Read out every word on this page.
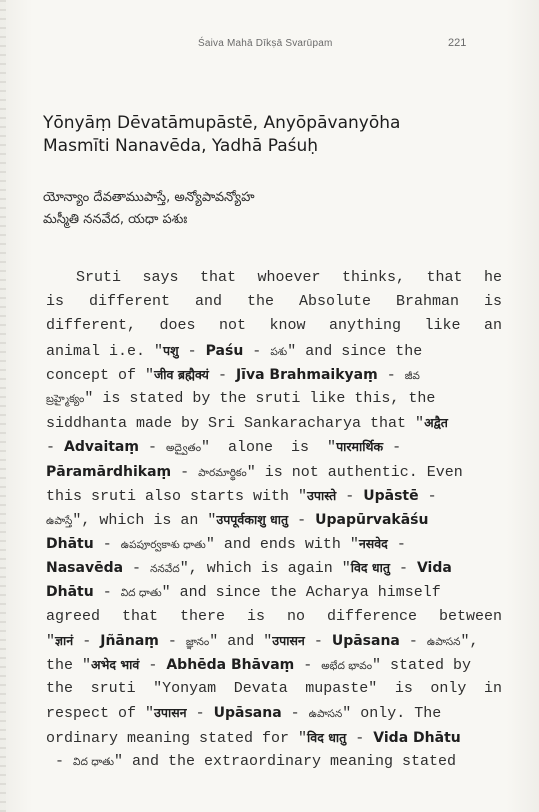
Śaiva Mahā Dīkṣā Svarūpam	221
Yōnyāṃ Dēvatāmupāstē, Anyōpāvanyōha
Masmīti Nanavēda, Yadhā Paśuḥ
యోన్యాం దేవతాముపాస్తే, అన్యోపావన్యోహ
మస్మీతి ననవేద, యధా పశుః
Sruti says that whoever thinks, that he
is different and the Absolute Brahman is
different, does not know anything like an
animal i.e. "पशु - Paśu - పశు" and since the
concept of "जीव ब्रह्मैक्यं - Jīva Brahmaikyaṃ - జీవ
బ్రహ్మైక్యం" is stated by the sruti like this, the
siddhanta made by Sri Sankaracharya that "अद्वैत
- Advaitaṃ - అద్వైతం"  alone  is  "पारमार्थिक -
Pāramārdhikaṃ - పారమార్థికం" is not authentic. Even
this sruti also starts with "उपास्ते - Upāstē -
ఉపాస్తే", which is an "उपपूर्वकाशु धातु - Upapūrvakāśu
Dhātu - ఉపపూర్వకాశు ధాతు" and ends with "नसवेद -
Nasavēda - ననవేద", which is again "विद धातु - Vida
Dhātu - విద ధాతు" and since the Acharya himself
agreed that there is no difference between
"ज्ञानं - Jñānaṃ - జ్ఞానం" and "उपासन - Upāsana - ఉపాసన",
the "अभेद भावं - Abhēda Bhāvaṃ - అభేద భావం" stated by
the sruti "Yonyam Devata mupaste" is only in
respect of "उपासन - Upāsana - ఉపాసన" only. The
ordinary meaning stated for "विद धातु - Vida Dhātu
- విద ధాతు" and the extraordinary meaning stated
